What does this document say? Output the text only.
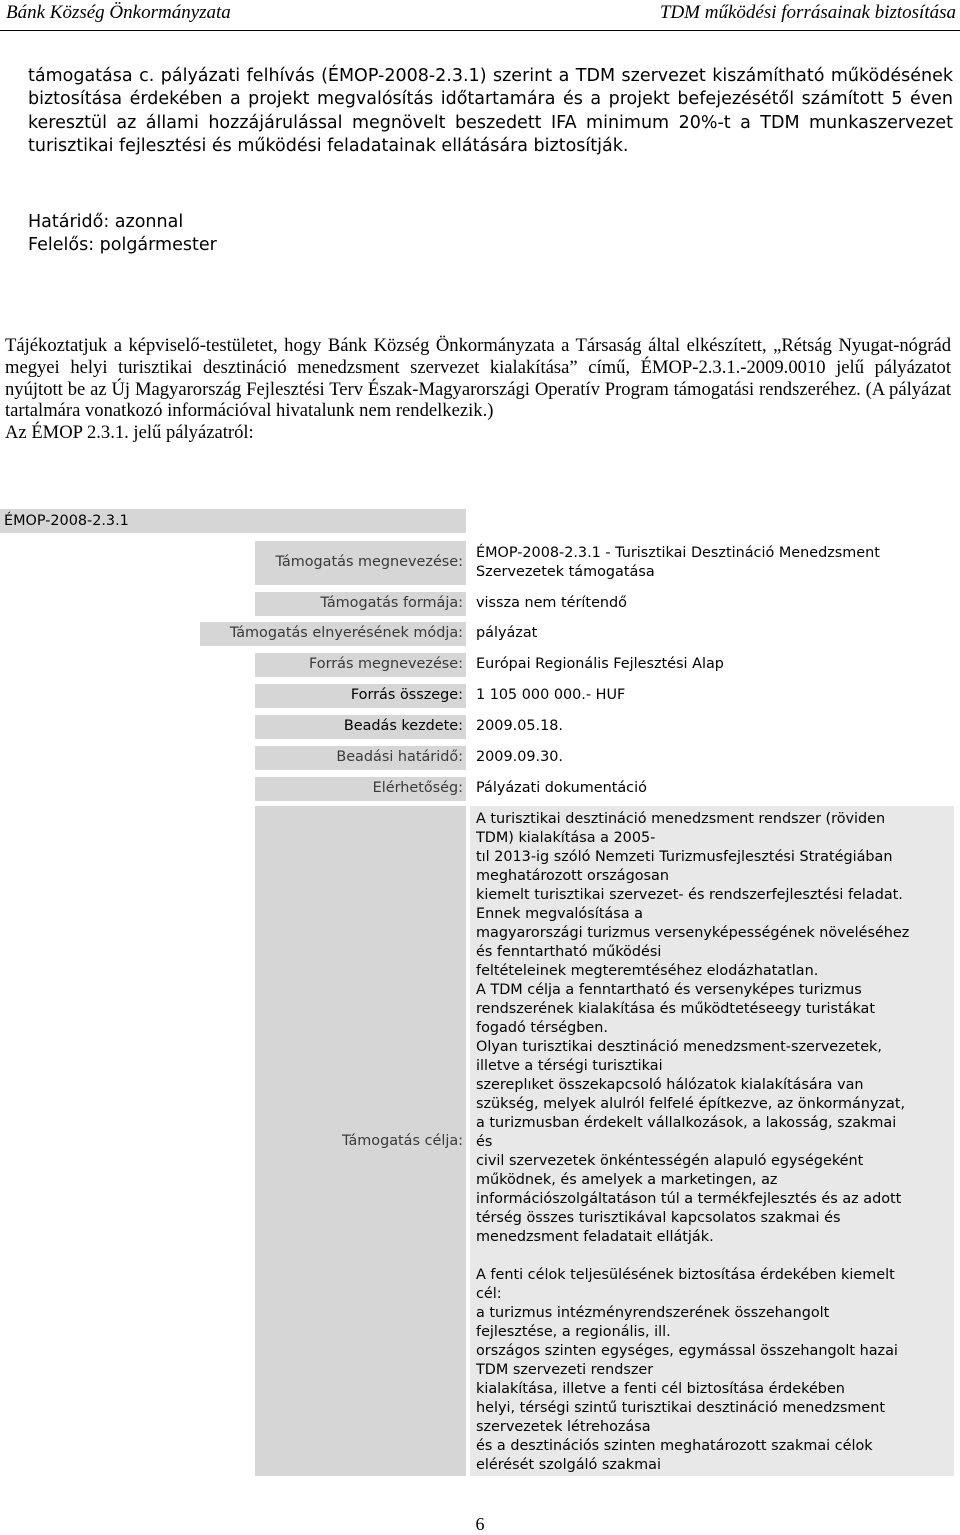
Bánk Község Önkormányzata	TDM működési forrásainak biztosítása
támogatása c. pályázati felhívás (ÉMOP-2008-2.3.1) szerint a TDM szervezet kiszámítható működésének biztosítása érdekében a projekt megvalósítás időtartamára és a projekt befejezésétől számított 5 éven keresztül az állami hozzájárulással megnövelt beszedett IFA minimum 20%-t a TDM munkaszervezet turisztikai fejlesztési és működési feladatainak ellátására biztosítják.
Határidő: azonnal
Felelős: polgármester
Tájékoztatjuk a képviselő-testületet, hogy Bánk Község Önkormányzata a Társaság által elkészített, „Rétság Nyugat-nógrád megyei helyi turisztikai desztináció menedzsment szervezet kialakítása” című, ÉMOP-2.3.1.-2009.0010 jelű pályázatot nyújtott be az Új Magyarország Fejlesztési Terv Észak-Magyarországi Operatív Program támogatási rendszeréhez. (A pályázat tartalmára vonatkozó információval hivatalunk nem rendelkezik.)
Az ÉMOP 2.3.1. jelű pályázatról:
ÉMOP-2008-2.3.1
Támogatás megnevezése:
ÉMOP-2008-2.3.1 - Turisztikai Desztináció Menedzsment Szervezetek támogatása
Támogatás formája: vissza nem térítendő
Támogatás elnyerésének módja: pályázat
Forrás megnevezése: Európai Regionális Fejlesztési Alap
Forrás összege: 1 105 000 000.- HUF
Beadás kezdete: 2009.05.18.
Beadási határidő: 2009.09.30.
Elérhetőség: Pályázati dokumentáció
Támogatás célja:
A turisztikai desztináció menedzsment rendszer (röviden
TDM) kialakítása a 2005-
tıl 2013-ig szóló Nemzeti Turizmusfejlesztési Stratégiában
meghatározott országosan
kiemelt turisztikai szervezet- és rendszerfejlesztési feladat.
Ennek megvalósítása a
magyarországi turizmus versenyképességének növeléséhez
és fenntartható működési
feltételeinek megteremtéséhez elodázhatatlan.
A TDM célja a fenntartható és versenyképes turizmus
rendszerének kialakítása és működtetéseegy turistákat
fogadó térségben.
Olyan turisztikai desztináció menedzsment-szervezetek,
illetve a térségi turisztikai
szereplıket összekapcsoló hálózatok kialakítására van
szükség, melyek alulról felfelé építkezve, az önkormányzat,
a turizmusban érdekelt vállalkozások, a lakosság, szakmai
és
civil szervezetek önkéntességén alapuló egységeként
működnek, és amelyek a marketingen, az
információszolgáltatáson túl a termékfejlesztés és az adott
térség összes turisztikával kapcsolatos szakmai és
menedzsment feladatait ellátják.

A fenti célok teljesülésének biztosítása érdekében kiemelt
cél:
a turizmus intézményrendszerének összehangolt
fejlesztése, a regionális, ill.
országos szinten egységes, egymással összehangolt hazai
TDM szervezeti rendszer
kialakítása, illetve a fenti cél biztosítása érdekében
helyi, térségi szintű turisztikai desztináció menedzsment
szervezetek létrehozása
és a desztinációs szinten meghatározott szakmai célok
elérését szolgáló szakmai
6
